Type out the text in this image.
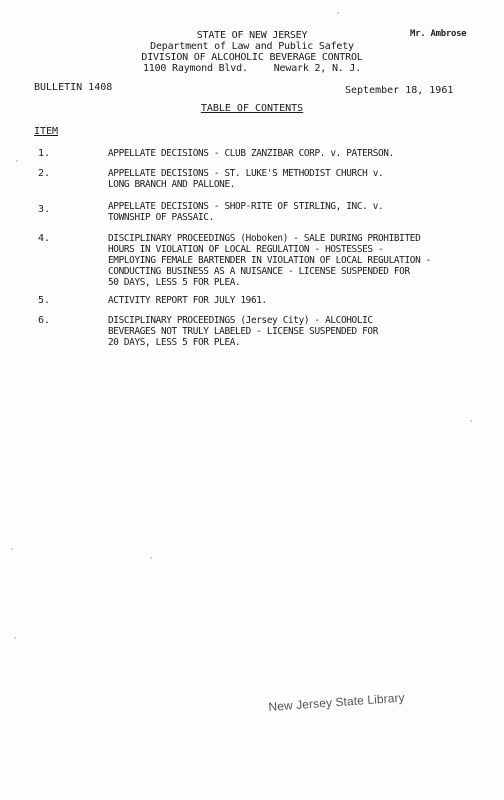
STATE OF NEW JERSEY
Department of Law and Public Safety
DIVISION OF ALCOHOLIC BEVERAGE CONTROL
1100 Raymond Blvd.	Newark 2, N. J.
Mr. Ambrose
BULLETIN 1408	September 18, 1961
TABLE OF CONTENTS
ITEM
1.	APPELLATE DECISIONS - CLUB ZANZIBAR CORP. v. PATERSON.
2.	APPELLATE DECISIONS - ST. LUKE'S METHODIST CHURCH v.
LONG BRANCH AND PALLONE.
3.	APPELLATE DECISIONS - SHOP-RITE OF STIRLING, INC. v.
TOWNSHIP OF PASSAIC.
4.	DISCIPLINARY PROCEEDINGS (Hoboken) - SALE DURING PROHIBITED
HOURS IN VIOLATION OF LOCAL REGULATION - HOSTESSES -
EMPLOYING FEMALE BARTENDER IN VIOLATION OF LOCAL REGULATION -
CONDUCTING BUSINESS AS A NUISANCE - LICENSE SUSPENDED FOR
50 DAYS, LESS 5 FOR PLEA.
5.	ACTIVITY REPORT FOR JULY 1961.
6.	DISCIPLINARY PROCEEDINGS (Jersey City) - ALCOHOLIC
BEVERAGES NOT TRULY LABELED - LICENSE SUSPENDED FOR
20 DAYS, LESS 5 FOR PLEA.
New Jersey State Library
